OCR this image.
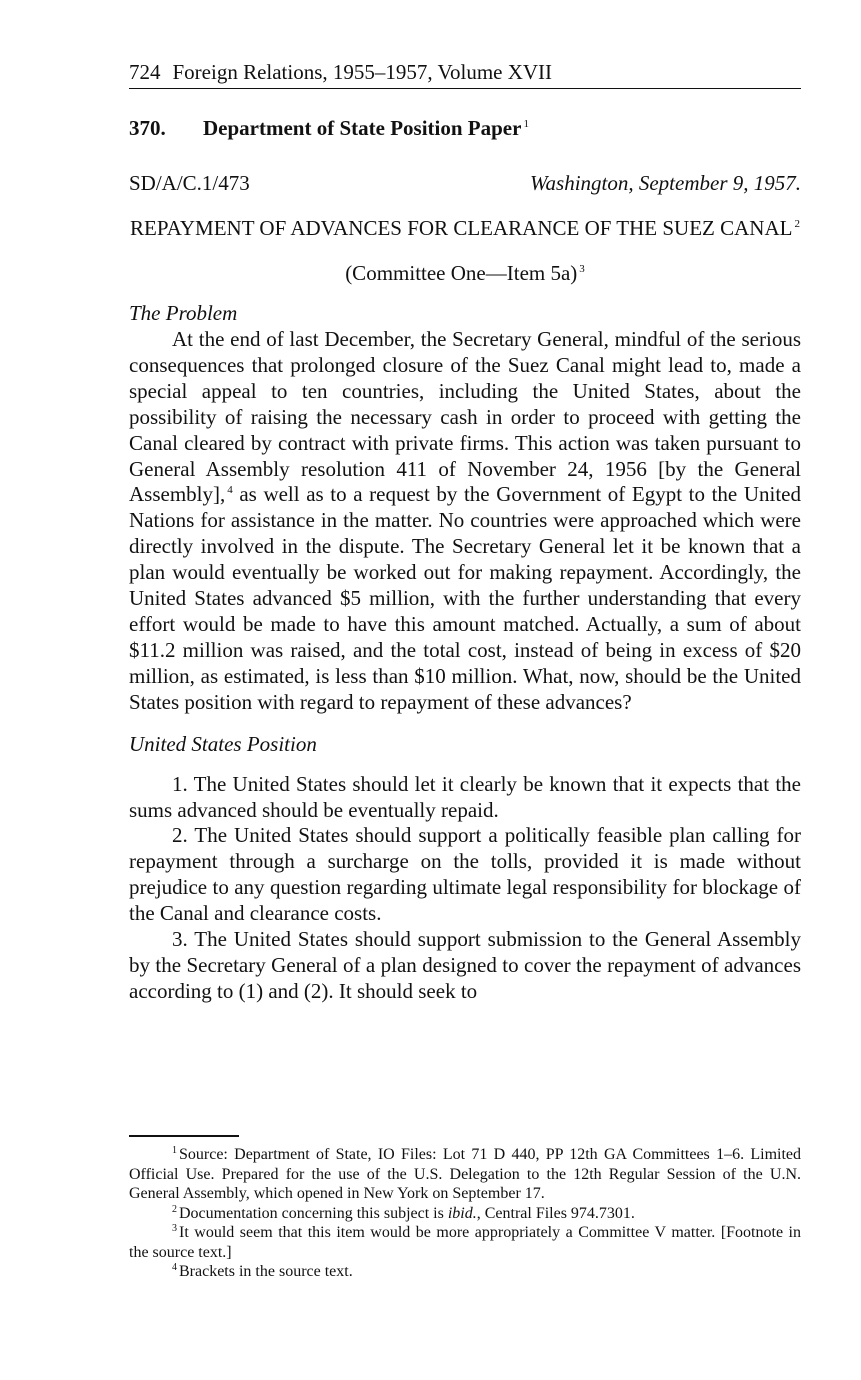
724 Foreign Relations, 1955–1957, Volume XVII
370. Department of State Position Paper $^1$
SD/A/C.1/473	Washington, September 9, 1957.
REPAYMENT OF ADVANCES FOR CLEARANCE OF THE SUEZ CANAL $^2$
(Committee One—Item 5a) $^3$
The Problem

At the end of last December, the Secretary General, mindful of the serious consequences that prolonged closure of the Suez Canal might lead to, made a special appeal to ten countries, including the United States, about the possibility of raising the necessary cash in order to proceed with getting the Canal cleared by contract with private firms. This action was taken pursuant to General Assembly resolution 411 of November 24, 1956 [by the General Assembly], $^4$ as well as to a request by the Government of Egypt to the United Nations for assistance in the matter. No countries were approached which were directly involved in the dispute. The Secretary General let it be known that a plan would eventually be worked out for making repayment. Accordingly, the United States advanced $5 million, with the further understanding that every effort would be made to have this amount matched. Actually, a sum of about $11.2 million was raised, and the total cost, instead of being in excess of $20 million, as estimated, is less than $10 million. What, now, should be the United States position with regard to repayment of these advances?

United States Position

1. The United States should let it clearly be known that it expects that the sums advanced should be eventually repaid.

2. The United States should support a politically feasible plan calling for repayment through a surcharge on the tolls, provided it is made without prejudice to any question regarding ultimate legal responsibility for blockage of the Canal and clearance costs.

3. The United States should support submission to the General Assembly by the Secretary General of a plan designed to cover the repayment of advances according to (1) and (2). It should seek to

$^1$ Source: Department of State, IO Files: Lot 71 D 440, PP 12th GA Committees 1–6. Limited Official Use. Prepared for the use of the U.S. Delegation to the 12th Regular Session of the U.N. General Assembly, which opened in New York on September 17.

$^2$ Documentation concerning this subject is ibid., Central Files 974.7301.

$^3$ It would seem that this item would be more appropriately a Committee V matter. [Footnote in the source text.]

$^4$ Brackets in the source text.
